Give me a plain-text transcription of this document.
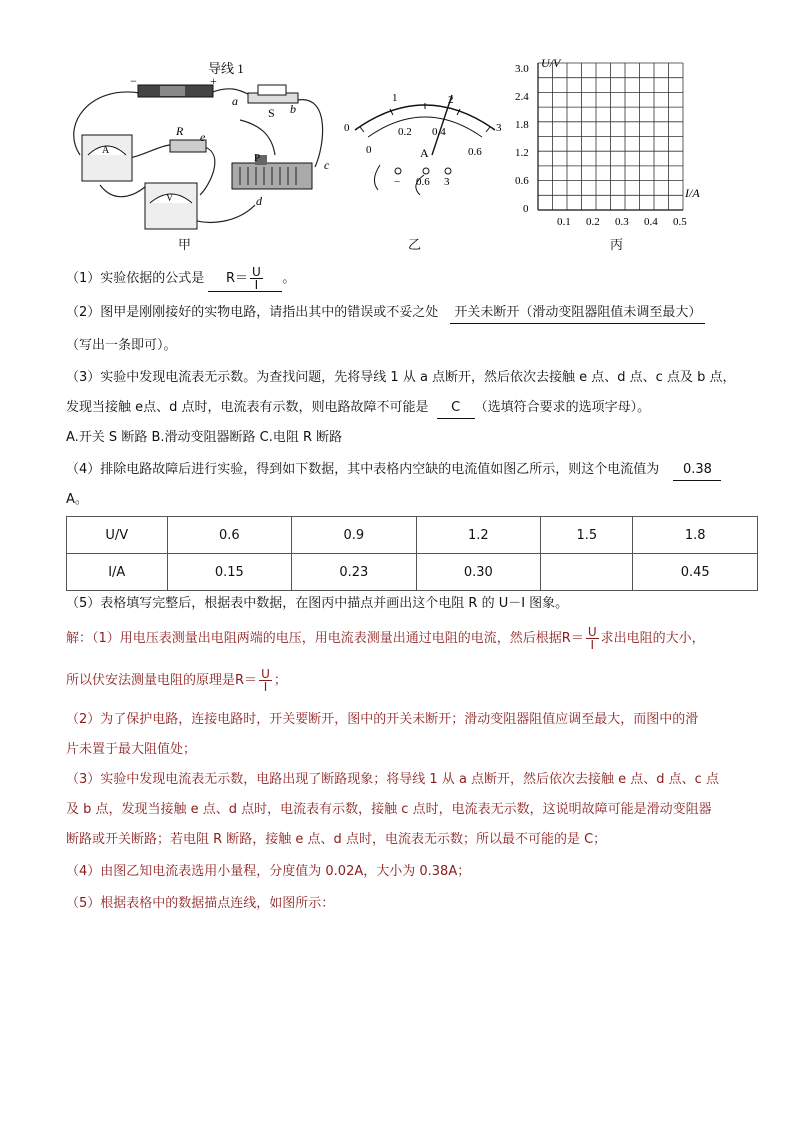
导线 1
−	+
S
R
P
A
V
a
b
c
d
e
甲
0
1	2
3
0
0.2 0.4
0.6
A
− 0.6 3
乙
U/V
I/A
0
0.6
1.2
1.8
2.4
3.0
0.1 0.2 0.3 0.4 0.5
丙
（1）实验依据的公式是 $R= \frac{U}{I}$ 。
（2）图甲是刚刚接好的实物电路，请指出其中的错误或不妥之处 开关未断开（滑动变阻器阻值未调至最大）
（写出一条即可）。
（3）实验中发现电流表无示数。为查找问题，先将导线 1 从 a 点断开，然后依次去接触 e 点、d 点、c 点及 b 点，
发现当接触 e点、d 点时，电流表有示数，则电路故障不可能是 C （选填符合要求的选项字母）。
A.开关 S 断路 B.滑动变阻器断路 C.电阻 R 断路
（4）排除电路故障后进行实验，得到如下数据，其中表格内空缺的电流值如图乙所示，则这个电流值为 0.38
A。
U/V	0.6	0.9	1.2	1.5	1.8
I/A	0.15	0.23	0.30		0.45
（5）表格填写完整后，根据表中数据，在图丙中描点并画出这个电阻 R 的 U－I 图象。
解：（1）用电压表测量出电阻两端的电压，用电流表测量出通过电阻的电流，然后根据$R= \frac{U}{I}$ 求出电阻的大小，
所以伏安法测量电阻的原理是$R= \frac{U}{I}$ ；
（2）为了保护电路，连接电路时，开关要断开，图中的开关未断开；滑动变阻器阻值应调至最大，而图中的滑
片未置于最大阻值处；
（3）实验中发现电流表无示数，电路出现了断路现象；将导线 1 从 a 点断开，然后依次去接触 e 点、d 点、c 点
及 b 点，发现当接触 e 点、d 点时，电流表有示数，接触 c 点时，电流表无示数，这说明故障可能是滑动变阻器
断路或开关断路；若电阻 R 断路，接触 e 点、d 点时，电流表无示数；所以最不可能的是 C；
（4）由图乙知电流表选用小量程，分度值为 0.02A，大小为 0.38A；
（5）根据表格中的数据描点连线，如图所示：
